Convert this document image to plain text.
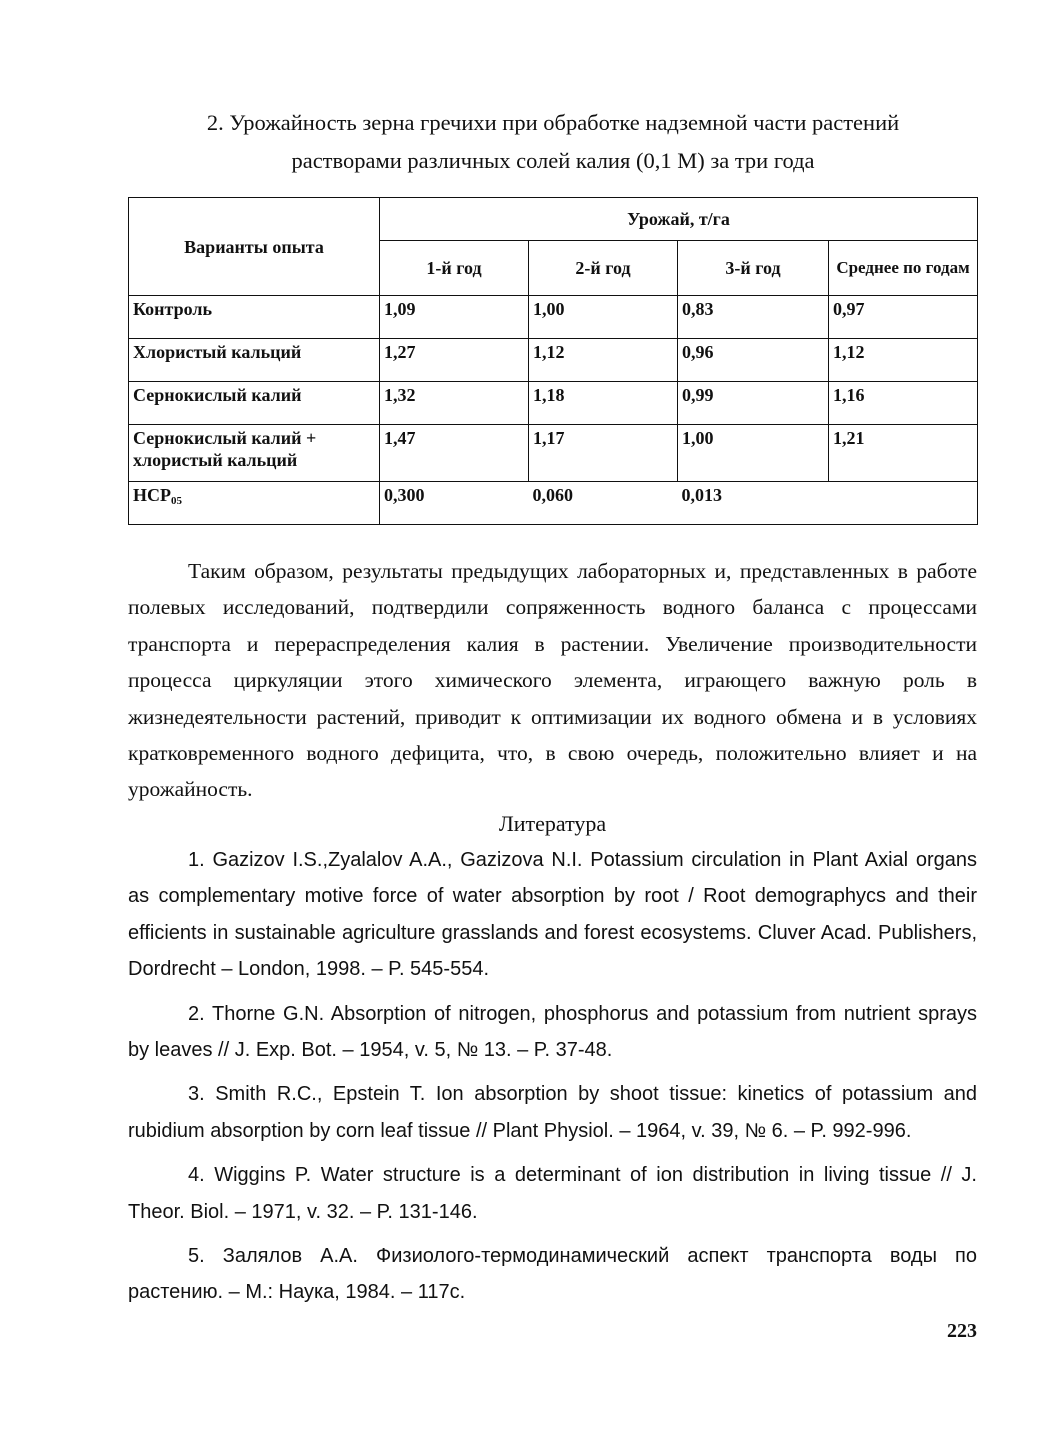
2. Урожайность зерна гречихи при обработке надземной части растений
растворами различных солей калия (0,1 М) за три года
Варианты опыта	Урожай, т/га			
	1-й год	2-й год	3-й год	Среднее по годам
Контроль	1,09	1,00	0,83	0,97
Хлористый кальций	1,27	1,12	0,96	1,12
Сернокислый калий	1,32	1,18	0,99	1,16
Сернокислый калий + хлористый кальций	1,47	1,17	1,00	1,21
$НСР_{05}$	0,300	0,060	0,013	

Таким образом, результаты предыдущих лабораторных и, представленных в работе полевых исследований, подтвердили сопряженность водного баланса с процессами транспорта и перераспределения калия в растении. Увеличение производительности процесса циркуляции этого химического элемента, играющего важную роль в жизнедеятельности растений, приводит к оптимизации их водного обмена и в условиях кратковременного водного дефицита, что, в свою очередь, положительно влияет и на урожайность.

Литература

1. Gazizov I.S.,Zyalalov A.A., Gazizova N.I. Potassium circulation in Plant Axial organs as complementary motive force of water absorption by root / Root demographycs and their efficients in sustainable agriculture grasslands and forest ecosystems. Cluver Acad. Publishers, Dordrecht – London, 1998. – P. 545-554.

2. Thorne G.N. Absorption of nitrogen, phosphorus and potassium from nutrient sprays by leaves // J. Exp. Bot. – 1954, v. 5, № 13. – P. 37-48.

3. Smith R.C., Epstein T. Ion absorption by shoot tissue: kinetics of potassium and rubidium absorption by corn leaf tissue // Plant Physiol. – 1964, v. 39, № 6. – P. 992-996.

4. Wiggins P. Water structure is a determinant of ion distribution in living tissue // J. Theor. Biol. – 1971, v. 32. – P. 131-146.

5. Залялов А.А. Физиолого-термодинамический аспект транспорта воды по растению. – М.: Наука, 1984. – 117с.

223
